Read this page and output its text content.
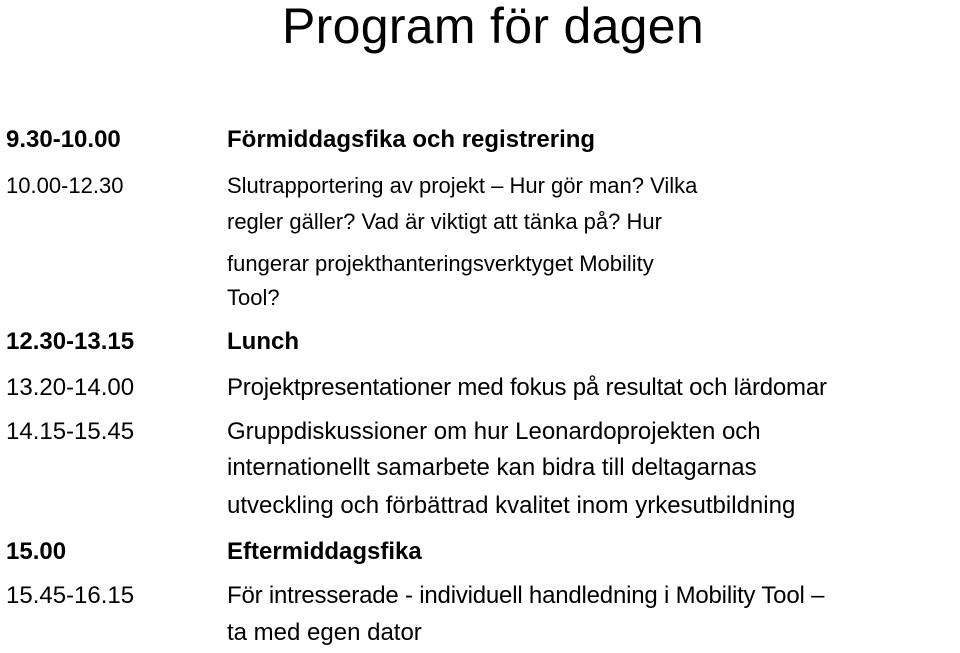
Program för dagen
9.30-10.00	Förmiddagsfika och registrering
10.00-12.30	Slutrapportering av projekt – Hur gör man? Vilka
regler gäller? Vad är viktigt att tänka på? Hur
fungerar projekthanteringsverktyget Mobility
Tool?
12.30-13.15	Lunch
13.20-14.00	Projektpresentationer med fokus på resultat och lärdomar
14.15-15.45	Gruppdiskussioner om hur Leonardoprojekten och
internationellt samarbete kan bidra till deltagarnas
utveckling och förbättrad kvalitet inom yrkesutbildning
15.00	Eftermiddagsfika
15.45-16.15	För intresserade - individuell handledning i Mobility Tool –
ta med egen dator
